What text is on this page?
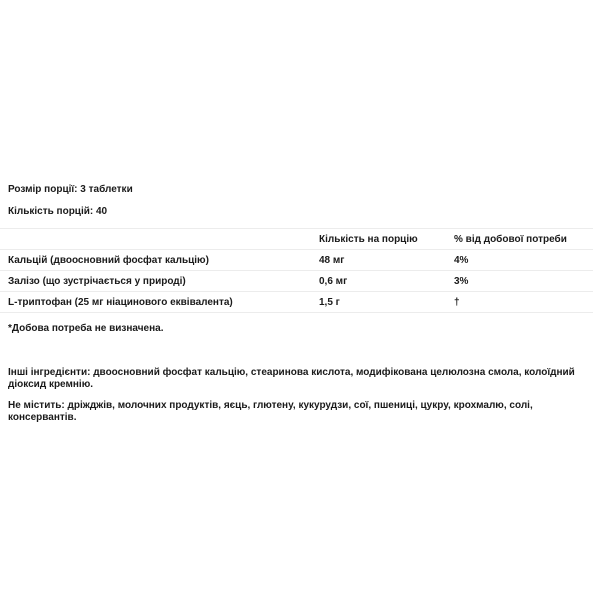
Розмір порції: 3 таблетки
Кількість порцій: 40
	Кількість на порцію	% від добової потреби
Кальцій (двоосновний фосфат кальцію)	48 мг	4%
Залізо (що зустрічається у природі)	0,6 мг	3%
L-триптофан (25 мг ніацинового еквівалента)	1,5 г	†
*Добова потреба не визначена.
Інші інгредієнти: двоосновний фосфат кальцію, стеаринова кислота, модифікована целюлозна смола, колоїдний діоксид кремнію.
Не містить: дріжджів, молочних продуктів, яєць, глютену, кукурудзи, сої, пшениці, цукру, крохмалю, солі, консервантів.
